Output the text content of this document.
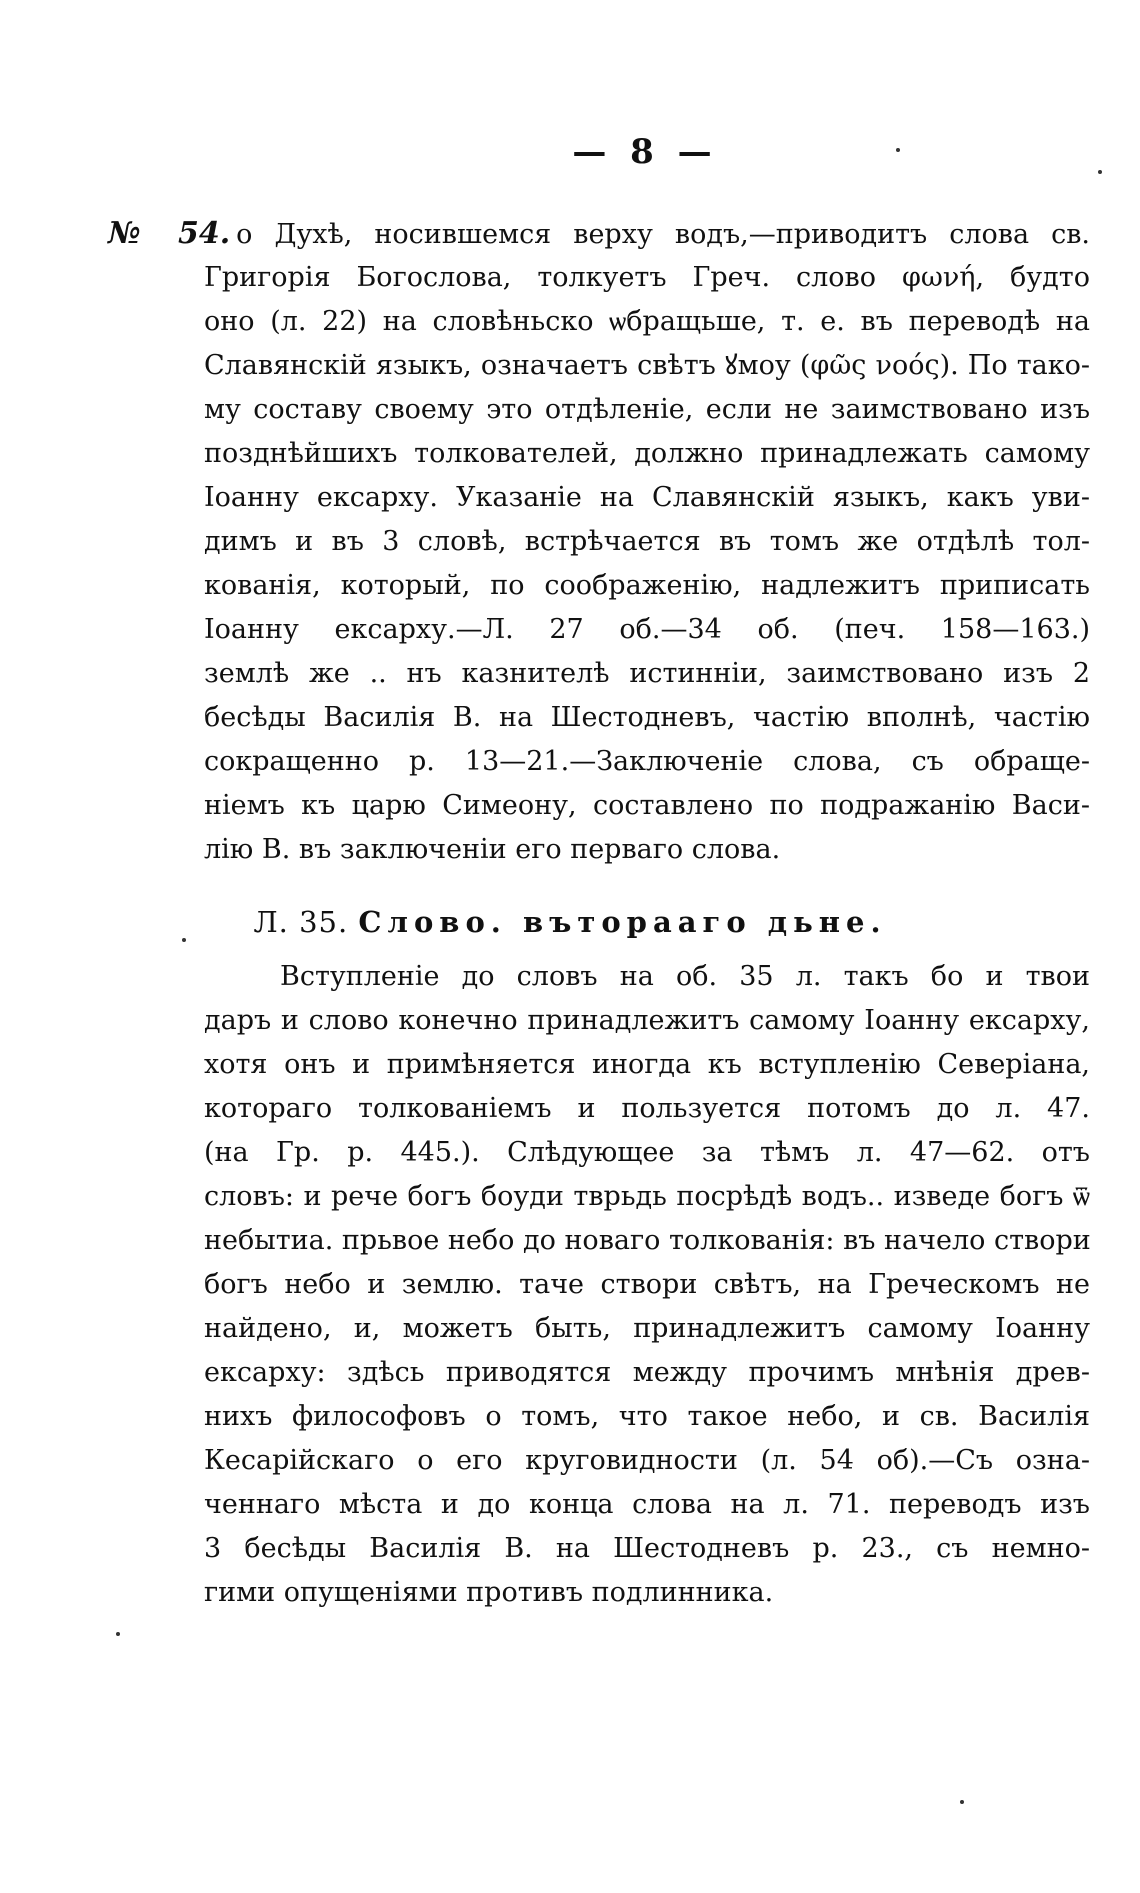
— 8 —
№ 54. о Духѣ, носившемся верху водъ,—приводитъ слова св.
Григорія Богослова, толкуетъ Греч. слово φωνή, будто
оно (л. 22) на словѣньско ѡбращьше, т. е. въ переводѣ на
Славянскій языкъ, означаетъ свѣтъ ꙋмоу (φῶς νοός). По тако-
му составу своему это отдѣленіе, если не заимствовано изъ
позднѣйшихъ толкователей, должно принадлежать самому
Іоанну ексарху. Указаніе на Славянскій языкъ, какъ уви-
димъ и въ 3 словѣ, встрѣчается въ томъ же отдѣлѣ тол-
кованія, который, по соображенію, надлежитъ приписать
Іоанну ексарху.—Л. 27 об.—34 об. (печ. 158—163.)
землѣ же .. нъ казнителѣ истинніи, заимствовано изъ 2
бесѣды Василія В. на Шестодневъ, частію вполнѣ, частію
сокращенно р. 13—21.—Заключеніе слова, съ обраще-
ніемъ къ царю Симеону, составлено по подражанію Васи-
лію В. въ заключеніи его перваго слова.
Л. 35. Слово. вътораaго дьне.
Вступленіе до словъ на об. 35 л. такъ бо и твои
даръ и слово конечно принадлежитъ самому Іоанну ексарху,
хотя онъ и примѣняется иногда къ вступленію Северіана,
котораго толкованіемъ и пользуется потомъ до л. 47.
(на Гр. р. 445.). Слѣдующее за тѣмъ л. 47—62. отъ
словъ: и рече богъ боуди тврьдь посрѣдѣ водъ.. изведе богъ ѿ
небытиа. прьвое небо до новаго толкованія: въ начело створи
богъ небо и землю. таче створи свѣтъ, на Греческомъ не
найдено, и, можетъ быть, принадлежитъ самому Іоанну
ексарху: здѣсь приводятся между прочимъ мнѣнія древ-
нихъ философовъ о томъ, что такое небо, и св. Василія
Кесарійскаго о его круговидности (л. 54 об).—Съ озна-
ченнаго мѣста и до конца слова на л. 71. переводъ изъ
3 бесѣды Василія В. на Шестодневъ р. 23., съ немно-
гими опущеніями противъ подлинника.
